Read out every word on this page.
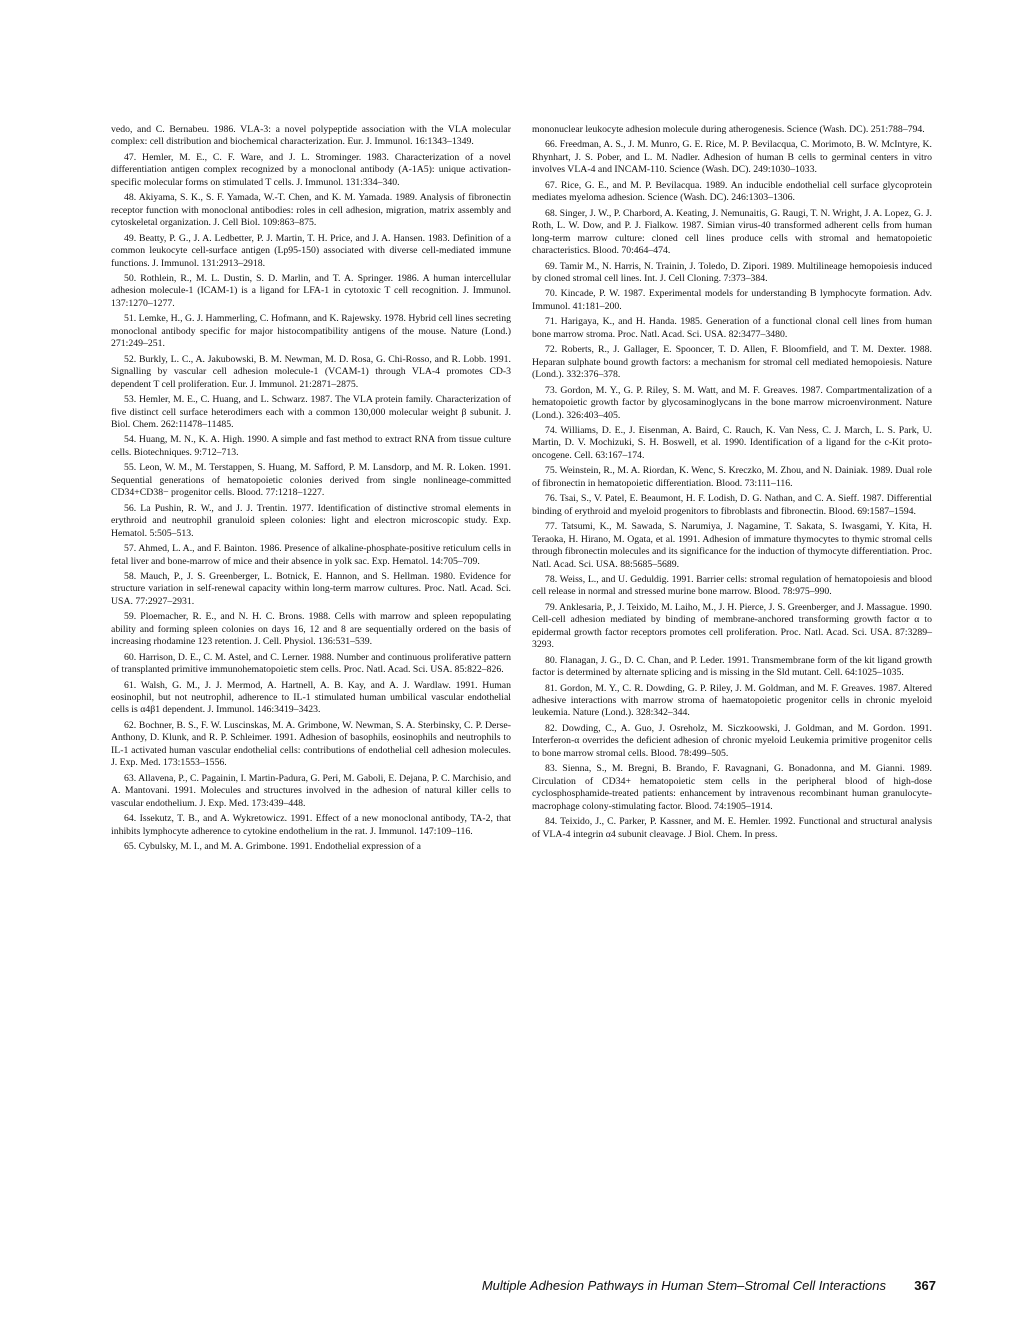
vedo, and C. Bernabeu. 1986. VLA-3: a novel polypeptide association with the VLA molecular complex: cell distribution and biochemical characterization. Eur. J. Immunol. 16:1343–1349.

47. Hemler, M. E., C. F. Ware, and J. L. Strominger. 1983. Characterization of a novel differentiation antigen complex recognized by a monoclonal antibody (A-1A5): unique activation-specific molecular forms on stimulated T cells. J. Immunol. 131:334–340.

48. Akiyama, S. K., S. F. Yamada, W.-T. Chen, and K. M. Yamada. 1989. Analysis of fibronectin receptor function with monoclonal antibodies: roles in cell adhesion, migration, matrix assembly and cytoskeletal organization. J. Cell Biol. 109:863–875.

49. Beatty, P. G., J. A. Ledbetter, P. J. Martin, T. H. Price, and J. A. Hansen. 1983. Definition of a common leukocyte cell-surface antigen (Lp95-150) associated with diverse cell-mediated immune functions. J. Immunol. 131:2913–2918.

50. Rothlein, R., M. L. Dustin, S. D. Marlin, and T. A. Springer. 1986. A human intercellular adhesion molecule-1 (ICAM-1) is a ligand for LFA-1 in cytotoxic T cell recognition. J. Immunol. 137:1270–1277.

51. Lemke, H., G. J. Hammerling, C. Hofmann, and K. Rajewsky. 1978. Hybrid cell lines secreting monoclonal antibody specific for major histocompatibility antigens of the mouse. Nature (Lond.) 271:249–251.

52. Burkly, L. C., A. Jakubowski, B. M. Newman, M. D. Rosa, G. Chi-Rosso, and R. Lobb. 1991. Signalling by vascular cell adhesion molecule-1 (VCAM-1) through VLA-4 promotes CD-3 dependent T cell proliferation. Eur. J. Immunol. 21:2871–2875.

53. Hemler, M. E., C. Huang, and L. Schwarz. 1987. The VLA protein family. Characterization of five distinct cell surface heterodimers each with a common 130,000 molecular weight β subunit. J. Biol. Chem. 262:11478–11485.

54. Huang, M. N., K. A. High. 1990. A simple and fast method to extract RNA from tissue culture cells. Biotechniques. 9:712–713.

55. Leon, W. M., M. Terstappen, S. Huang, M. Safford, P. M. Lansdorp, and M. R. Loken. 1991. Sequential generations of hematopoietic colonies derived from single nonlineage-committed CD34+CD38− progenitor cells. Blood. 77:1218–1227.

56. La Pushin, R. W., and J. J. Trentin. 1977. Identification of distinctive stromal elements in erythroid and neutrophil granuloid spleen colonies: light and electron microscopic study. Exp. Hematol. 5:505–513.

57. Ahmed, L. A., and F. Bainton. 1986. Presence of alkaline-phosphate-positive reticulum cells in fetal liver and bone-marrow of mice and their absence in yolk sac. Exp. Hematol. 14:705–709.

58. Mauch, P., J. S. Greenberger, L. Botnick, E. Hannon, and S. Hellman. 1980. Evidence for structure variation in self-renewal capacity within long-term marrow cultures. Proc. Natl. Acad. Sci. USA. 77:2927–2931.

59. Ploemacher, R. E., and N. H. C. Brons. 1988. Cells with marrow and spleen repopulating ability and forming spleen colonies on days 16, 12 and 8 are sequentially ordered on the basis of increasing rhodamine 123 retention. J. Cell. Physiol. 136:531–539.

60. Harrison, D. E., C. M. Astel, and C. Lerner. 1988. Number and continuous proliferative pattern of transplanted primitive immunohematopoietic stem cells. Proc. Natl. Acad. Sci. USA. 85:822–826.

61. Walsh, G. M., J. J. Mermod, A. Hartnell, A. B. Kay, and A. J. Wardlaw. 1991. Human eosinophil, but not neutrophil, adherence to IL-1 stimulated human umbilical vascular endothelial cells is α4β1 dependent. J. Immunol. 146:3419–3423.

62. Bochner, B. S., F. W. Luscinskas, M. A. Grimbone, W. Newman, S. A. Sterbinsky, C. P. Derse-Anthony, D. Klunk, and R. P. Schleimer. 1991. Adhesion of basophils, eosinophils and neutrophils to IL-1 activated human vascular endothelial cells: contributions of endothelial cell adhesion molecules. J. Exp. Med. 173:1553–1556.

63. Allavena, P., C. Pagainin, I. Martin-Padura, G. Peri, M. Gaboli, E. Dejana, P. C. Marchisio, and A. Mantovani. 1991. Molecules and structures involved in the adhesion of natural killer cells to vascular endothelium. J. Exp. Med. 173:439–448.

64. Issekutz, T. B., and A. Wykretowicz. 1991. Effect of a new monoclonal antibody, TA-2, that inhibits lymphocyte adherence to cytokine endothelium in the rat. J. Immunol. 147:109–116.

65. Cybulsky, M. I., and M. A. Grimbone. 1991. Endothelial expression of a

mononuclear leukocyte adhesion molecule during atherogenesis. Science (Wash. DC). 251:788–794.

66. Freedman, A. S., J. M. Munro, G. E. Rice, M. P. Bevilacqua, C. Morimoto, B. W. McIntyre, K. Rhynhart, J. S. Pober, and L. M. Nadler. Adhesion of human B cells to germinal centers in vitro involves VLA-4 and INCAM-110. Science (Wash. DC). 249:1030–1033.

67. Rice, G. E., and M. P. Bevilacqua. 1989. An inducible endothelial cell surface glycoprotein mediates myeloma adhesion. Science (Wash. DC). 246:1303–1306.

68. Singer, J. W., P. Charbord, A. Keating, J. Nemunaitis, G. Raugi, T. N. Wright, J. A. Lopez, G. J. Roth, L. W. Dow, and P. J. Fialkow. 1987. Simian virus-40 transformed adherent cells from human long-term marrow culture: cloned cell lines produce cells with stromal and hematopoietic characteristics. Blood. 70:464–474.

69. Tamir M., N. Harris, N. Trainin, J. Toledo, D. Zipori. 1989. Multilineage hemopoiesis induced by cloned stromal cell lines. Int. J. Cell Cloning. 7:373–384.

70. Kincade, P. W. 1987. Experimental models for understanding B lymphocyte formation. Adv. Immunol. 41:181–200.

71. Harigaya, K., and H. Handa. 1985. Generation of a functional clonal cell lines from human bone marrow stroma. Proc. Natl. Acad. Sci. USA. 82:3477–3480.

72. Roberts, R., J. Gallager, E. Spooncer, T. D. Allen, F. Bloomfield, and T. M. Dexter. 1988. Heparan sulphate bound growth factors: a mechanism for stromal cell mediated hemopoiesis. Nature (Lond.). 332:376–378.

73. Gordon, M. Y., G. P. Riley, S. M. Watt, and M. F. Greaves. 1987. Compartmentalization of a hematopoietic growth factor by glycosaminoglycans in the bone marrow microenvironment. Nature (Lond.). 326:403–405.

74. Williams, D. E., J. Eisenman, A. Baird, C. Rauch, K. Van Ness, C. J. March, L. S. Park, U. Martin, D. V. Mochizuki, S. H. Boswell, et al. 1990. Identification of a ligand for the c-Kit proto-oncogene. Cell. 63:167–174.

75. Weinstein, R., M. A. Riordan, K. Wenc, S. Kreczko, M. Zhou, and N. Dainiak. 1989. Dual role of fibronectin in hematopoietic differentiation. Blood. 73:111–116.

76. Tsai, S., V. Patel, E. Beaumont, H. F. Lodish, D. G. Nathan, and C. A. Sieff. 1987. Differential binding of erythroid and myeloid progenitors to fibroblasts and fibronectin. Blood. 69:1587–1594.

77. Tatsumi, K., M. Sawada, S. Narumiya, J. Nagamine, T. Sakata, S. Iwasgami, Y. Kita, H. Teraoka, H. Hirano, M. Ogata, et al. 1991. Adhesion of immature thymocytes to thymic stromal cells through fibronectin molecules and its significance for the induction of thymocyte differentiation. Proc. Natl. Acad. Sci. USA. 88:5685–5689.

78. Weiss, L., and U. Geduldig. 1991. Barrier cells: stromal regulation of hematopoiesis and blood cell release in normal and stressed murine bone marrow. Blood. 78:975–990.

79. Anklesaria, P., J. Teixido, M. Laiho, M., J. H. Pierce, J. S. Greenberger, and J. Massague. 1990. Cell-cell adhesion mediated by binding of membrane-anchored transforming growth factor α to epidermal growth factor receptors promotes cell proliferation. Proc. Natl. Acad. Sci. USA. 87:3289–3293.

80. Flanagan, J. G., D. C. Chan, and P. Leder. 1991. Transmembrane form of the kit ligand growth factor is determined by alternate splicing and is missing in the Sld mutant. Cell. 64:1025–1035.

81. Gordon, M. Y., C. R. Dowding, G. P. Riley, J. M. Goldman, and M. F. Greaves. 1987. Altered adhesive interactions with marrow stroma of haematopoietic progenitor cells in chronic myeloid leukemia. Nature (Lond.). 328:342–344.

82. Dowding, C., A. Guo, J. Osreholz, M. Siczkoowski, J. Goldman, and M. Gordon. 1991. Interferon-α overrides the deficient adhesion of chronic myeloid Leukemia primitive progenitor cells to bone marrow stromal cells. Blood. 78:499–505.

83. Sienna, S., M. Bregni, B. Brando, F. Ravagnani, G. Bonadonna, and M. Gianni. 1989. Circulation of CD34+ hematopoietic stem cells in the peripheral blood of high-dose cyclosphosphamide-treated patients: enhancement by intravenous recombinant human granulocyte-macrophage colony-stimulating factor. Blood. 74:1905–1914.

84. Teixido, J., C. Parker, P. Kassner, and M. E. Hemler. 1992. Functional and structural analysis of VLA-4 integrin α4 subunit cleavage. J Biol. Chem. In press.

Multiple Adhesion Pathways in Human Stem–Stromal Cell Interactions 367
